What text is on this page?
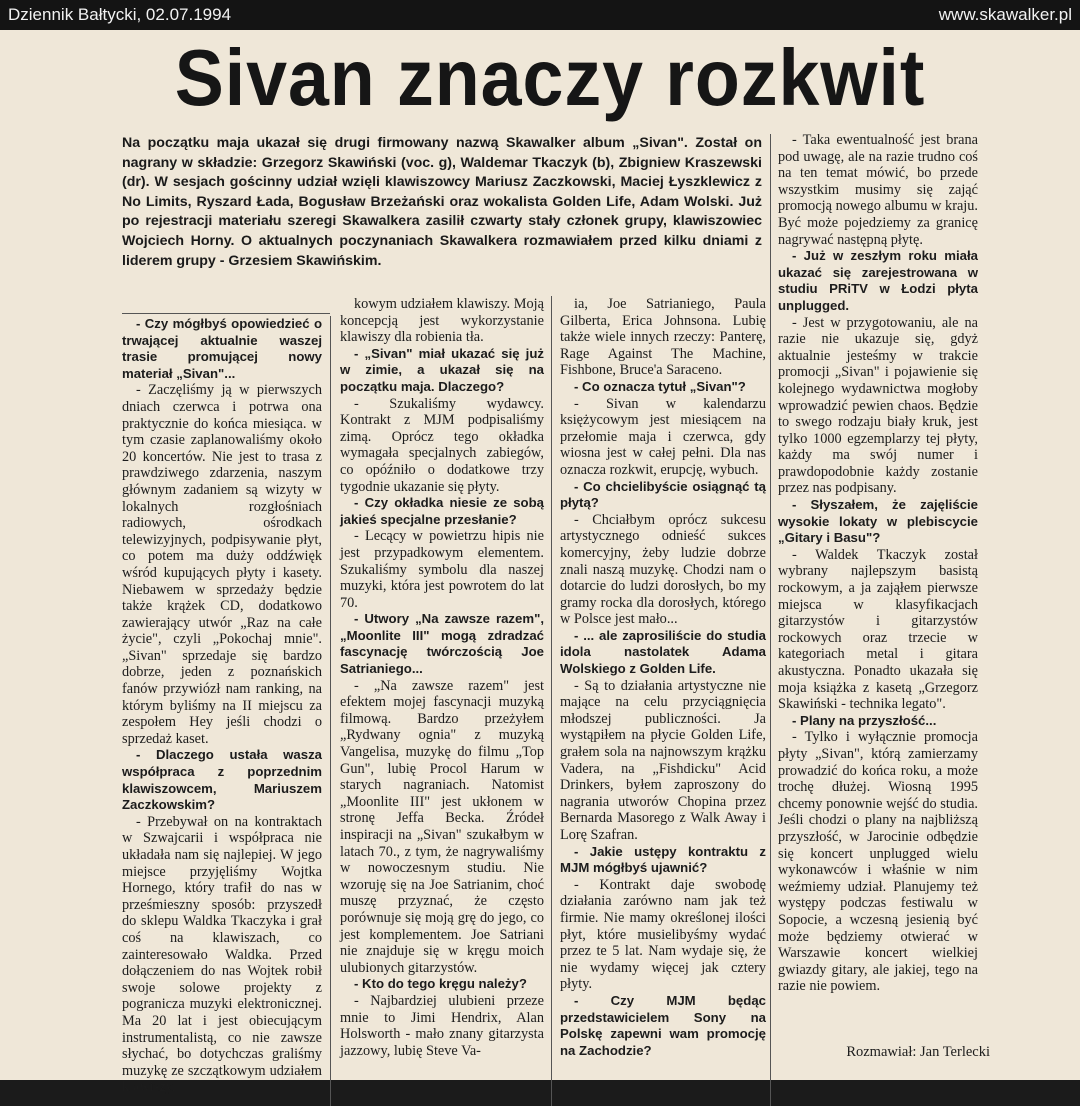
Dziennik Bałtycki, 02.07.1994	www.skawalker.pl
Sivan znaczy rozkwit
Na początku maja ukazał się drugi firmowany nazwą Skawalker album „Sivan". Został on nagrany w składzie: Grzegorz Skawiński (voc. g), Waldemar Tkaczyk (b), Zbigniew Kraszewski (dr). W sesjach gościnny udział wzięli klawiszowcy Mariusz Zaczkowski, Maciej Łyszklewicz z No Limits, Ryszard Łada, Bogusław Brzeżański oraz wokalista Golden Life, Adam Wolski. Już po rejestracji materiału szeregi Skawalkera zasilił czwarty stały członek grupy, klawiszowiec Wojciech Horny. O aktualnych poczynaniach Skawalkera rozmawiałem przed kilku dniami z liderem grupy - Grzesiem Skawińskim.

- Czy mógłbyś opowiedzieć o trwającej aktualnie waszej trasie promującej nowy materiał „Sivan"...

- Zaczęliśmy ją w pierwszych dniach czerwca i potrwa ona praktycznie do końca miesiąca. w tym czasie zaplanowaliśmy około 20 koncertów. Nie jest to trasa z prawdziwego zdarzenia, naszym głównym zadaniem są wizyty w lokalnych rozgłośniach radiowych, ośrodkach telewizyjnych, podpisywanie płyt, co potem ma duży oddźwięk wśród kupujących płyty i kasety. Niebawem w sprzedaży będzie także krążek CD, dodatkowo zawierający utwór „Raz na całe życie", czyli „Pokochaj mnie". „Sivan" sprzedaje się bardzo dobrze, jeden z poznańskich fanów przywiózł nam ranking, na którym byliśmy na II miejscu za zespołem Hey jeśli chodzi o sprzedaż kaset.

- Dlaczego ustała wasza współpraca z poprzednim klawiszowcem, Mariuszem Zaczkowskim?

- Przebywał on na kontraktach w Szwajcarii i współpraca nie układała nam się najlepiej. W jego miejsce przyjęliśmy Wojtka Hornego, który trafił do nas w prześmieszny sposób: przyszedł do sklepu Waldka Tkaczyka i grał coś na klawiszach, co zainteresowało Waldka. Przed dołączeniem do nas Wojtek robił swoje solowe projekty z pogranicza muzyki elektronicznej. Ma 20 lat i jest obiecującym instrumentalistą, co nie zawsze słychać, bo dotychczas graliśmy muzykę ze szczątkowym udziałem klawiszy.

kowym udziałem klawiszy. Moją koncepcją jest wykorzystanie klawiszy dla robienia tła.

- „Sivan" miał ukazać się już w zimie, a ukazał się na początku maja. Dlaczego?

- Szukaliśmy wydawcy. Kontrakt z MJM podpisaliśmy zimą. Oprócz tego okładka wymagała specjalnych zabiegów, co opóźniło o dodatkowe trzy tygodnie ukazanie się płyty.

- Czy okładka niesie ze sobą jakieś specjalne przesłanie?

- Lecący w powietrzu hipis nie jest przypadkowym elementem. Szukaliśmy symbolu dla naszej muzyki, która jest powrotem do lat 70.

- Utwory „Na zawsze razem", „Moonlite III" mogą zdradzać fascynację twórczością Joe Satrianiego...

- „Na zawsze razem" jest efektem mojej fascynacji muzyką filmową. Bardzo przeżyłem „Rydwany ognia" z muzyką Vangelisa, muzykę do filmu „Top Gun", lubię Procol Harum w starych nagraniach. Natomist „Moonlite III" jest ukłonem w stronę Jeffa Becka. Źródeł inspiracji na „Sivan" szukałbym w latach 70., z tym, że nagrywaliśmy w nowoczesnym studiu. Nie wzoruję się na Joe Satrianim, choć muszę przyznać, że często porównuje się moją grę do jego, co jest komplementem. Joe Satriani nie znajduje się w kręgu moich ulubionych gitarzystów.

- Kto do tego kręgu należy?

- Najbardziej ulubieni przeze mnie to Jimi Hendrix, Alan Holsworth - mało znany gitarzysta jazzowy, lubię Steve Va-

ia, Joe Satrianiego, Paula Gilberta, Erica Johnsona. Lubię także wiele innych rzeczy: Panterę, Rage Against The Machine, Fishbone, Bruce'a Saraceno.

- Co oznacza tytuł „Sivan"?

- Sivan w kalendarzu księżycowym jest miesiącem na przełomie maja i czerwca, gdy wiosna jest w całej pełni. Dla nas oznacza rozkwit, erupcję, wybuch.

- Co chcielibyście osiągnąć tą płytą?

- Chciałbym oprócz sukcesu artystycznego odnieść sukces komercyjny, żeby ludzie dobrze znali naszą muzykę. Chodzi nam o dotarcie do ludzi dorosłych, bo my gramy rocka dla dorosłych, którego w Polsce jest mało...

- ... ale zaprosiliście do studia idola nastolatek Adama Wolskiego z Golden Life.

- Są to działania artystyczne nie mające na celu przyciągnięcia młodszej publiczności. Ja wystąpiłem na płycie Golden Life, grałem sola na najnowszym krążku Vadera, na „Fishdicku" Acid Drinkers, byłem zaproszony do nagrania utworów Chopina przez Bernarda Masorego z Walk Away i Lorę Szafran.

- Jakie ustępy kontraktu z MJM mógłbyś ujawnić?

- Kontrakt daje swobodę działania zarówno nam jak też firmie. Nie mamy określonej ilości płyt, które musielibyśmy wydać przez te 5 lat. Nam wydaje się, że nie wydamy więcej jak cztery płyty.

- Czy MJM będąc przedstawicielem Sony na Polskę zapewni wam promocję na Zachodzie?

- Taka ewentualność jest brana pod uwagę, ale na razie trudno coś na ten temat mówić, bo przede wszystkim musimy się zająć promocją nowego albumu w kraju. Być może pojedziemy za granicę nagrywać następną płytę.

- Już w zeszłym roku miała ukazać się zarejestrowana w studiu PRiTV w Łodzi płyta unplugged.

- Jest w przygotowaniu, ale na razie nie ukazuje się, gdyż aktualnie jesteśmy w trakcie promocji „Sivan" i pojawienie się kolejnego wydawnictwa mogłoby wprowadzić pewien chaos. Będzie to swego rodzaju biały kruk, jest tylko 1000 egzemplarzy tej płyty, każdy ma swój numer i prawdopodobnie każdy zostanie przez nas podpisany.

- Słyszałem, że zajęliście wysokie lokaty w plebiscycie „Gitary i Basu"?

- Waldek Tkaczyk został wybrany najlepszym basistą rockowym, a ja zająłem pierwsze miejsca w klasyfikacjach gitarzystów i gitarzystów rockowych oraz trzecie w kategoriach metal i gitara akustyczna. Ponadto ukazała się moja książka z kasetą „Grzegorz Skawiński - technika legato".

- Plany na przyszłość...

- Tylko i wyłącznie promocja płyty „Sivan", którą zamierzamy prowadzić do końca roku, a może trochę dłużej. Wiosną 1995 chcemy ponownie wejść do studia. Jeśli chodzi o plany na najbliższą przyszłość, w Jarocinie odbędzie się koncert unplugged wielu wykonawców i właśnie w nim weźmiemy udział. Planujemy też występy podczas festiwalu w Sopocie, a wczesną jesienią być może będziemy otwierać w Warszawie koncert wielkiej gwiazdy gitary, ale jakiej, tego na razie nie powiem.

Rozmawiał: Jan Terlecki
